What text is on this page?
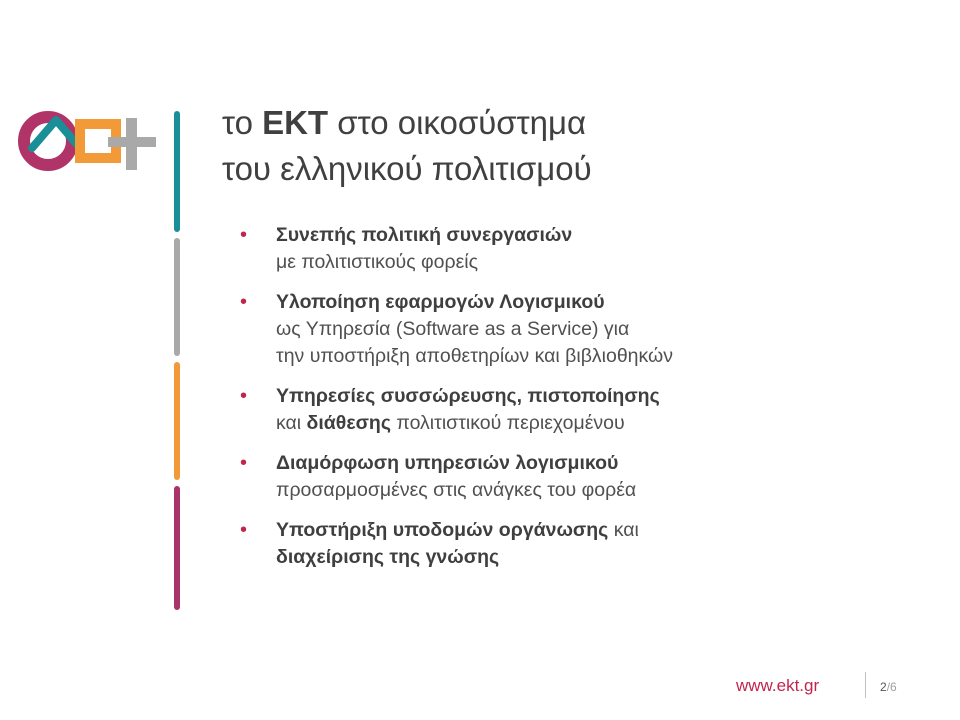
το ΕΚΤ στο οικοσύστημα
του ελληνικού πολιτισμού
• Συνεπής πολιτική συνεργασιών
με πολιτιστικούς φορείς
• Υλοποίηση εφαρμογών Λογισμικού
ως Υπηρεσία (Software as a Service) για
την υποστήριξη αποθετηρίων και βιβλιοθηκών
• Υπηρεσίες συσσώρευσης, πιστοποίησης
και διάθεσης πολιτιστικού περιεχομένου
• Διαμόρφωση υπηρεσιών λογισμικού
προσαρμοσμένες στις ανάγκες του φορέα
• Υποστήριξη υποδομών οργάνωσης και
διαχείρισης της γνώσης
www.ekt.gr	2/6
